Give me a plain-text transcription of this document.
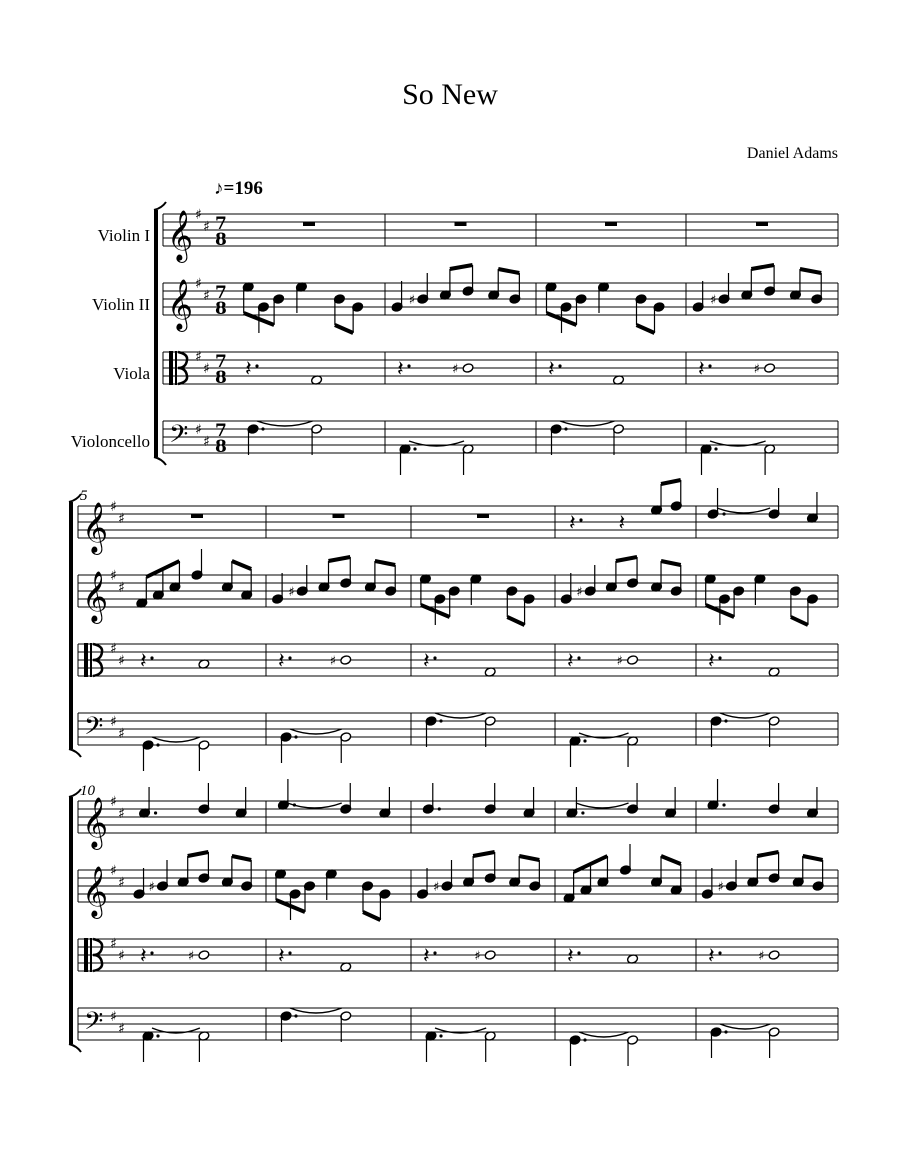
So New
Daniel Adams
♪=196
Violin I
Violin II
Viola
Violoncello
5
10
𝄞 ♯
♯ 7
8
𝄞 ♯
♯ 7
8
♯
♯ 7
8
𝄢 ♯
♯
7
8
𝄽
♯
𝄽	♯	𝄽
♯
𝄽	♯
𝄞 ♯
♯
𝄞 ♯
♯
♯
♯
𝄢 ♯
♯
𝄽
♯
𝄽	♯	𝄽
𝄽 𝄽
♯
𝄽	♯	𝄽
𝄞 ♯
♯
𝄞 ♯
♯
♯
♯
𝄢 ♯
♯
♯
𝄽	♯	𝄽
♯
𝄽	♯	𝄽
♯
𝄽	♯
